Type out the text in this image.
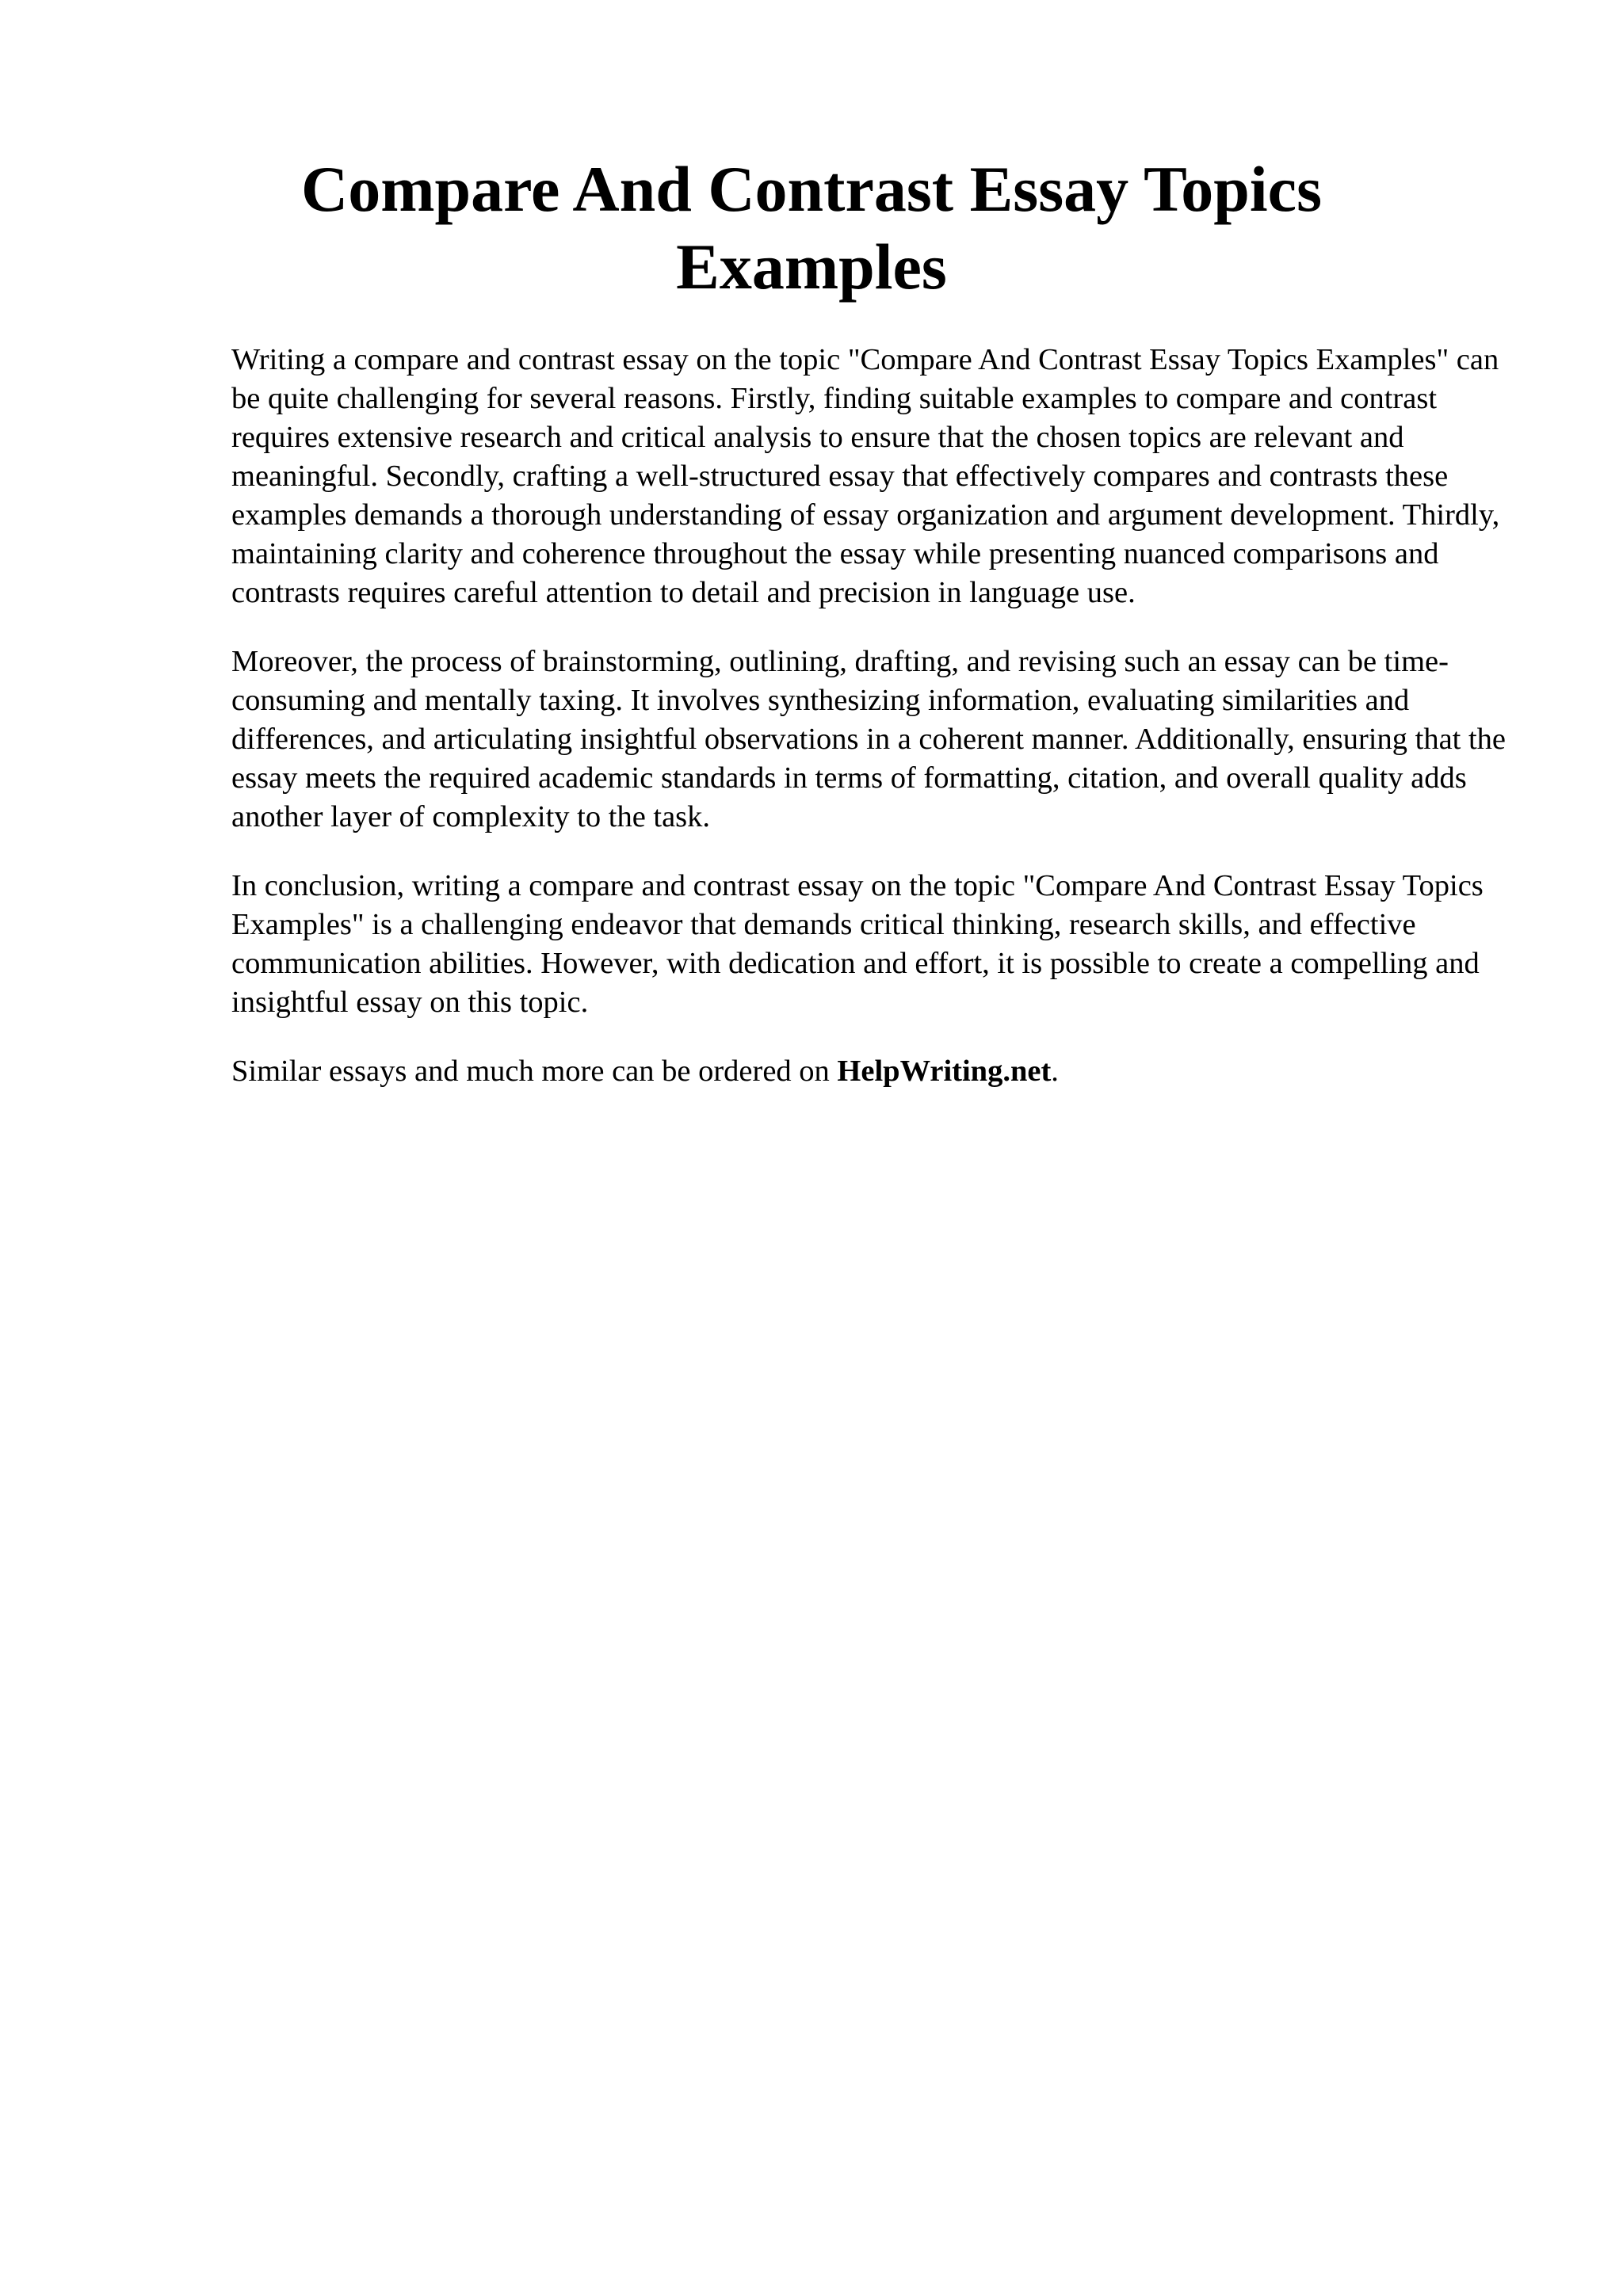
Compare And Contrast Essay Topics Examples

Writing a compare and contrast essay on the topic "Compare And Contrast Essay Topics Examples" can be quite challenging for several reasons. Firstly, finding suitable examples to compare and contrast requires extensive research and critical analysis to ensure that the chosen topics are relevant and meaningful. Secondly, crafting a well-structured essay that effectively compares and contrasts these examples demands a thorough understanding of essay organization and argument development. Thirdly, maintaining clarity and coherence throughout the essay while presenting nuanced comparisons and contrasts requires careful attention to detail and precision in language use.

Moreover, the process of brainstorming, outlining, drafting, and revising such an essay can be time-consuming and mentally taxing. It involves synthesizing information, evaluating similarities and differences, and articulating insightful observations in a coherent manner. Additionally, ensuring that the essay meets the required academic standards in terms of formatting, citation, and overall quality adds another layer of complexity to the task.

In conclusion, writing a compare and contrast essay on the topic "Compare And Contrast Essay Topics Examples" is a challenging endeavor that demands critical thinking, research skills, and effective communication abilities. However, with dedication and effort, it is possible to create a compelling and insightful essay on this topic.

Similar essays and much more can be ordered on HelpWriting.net.
